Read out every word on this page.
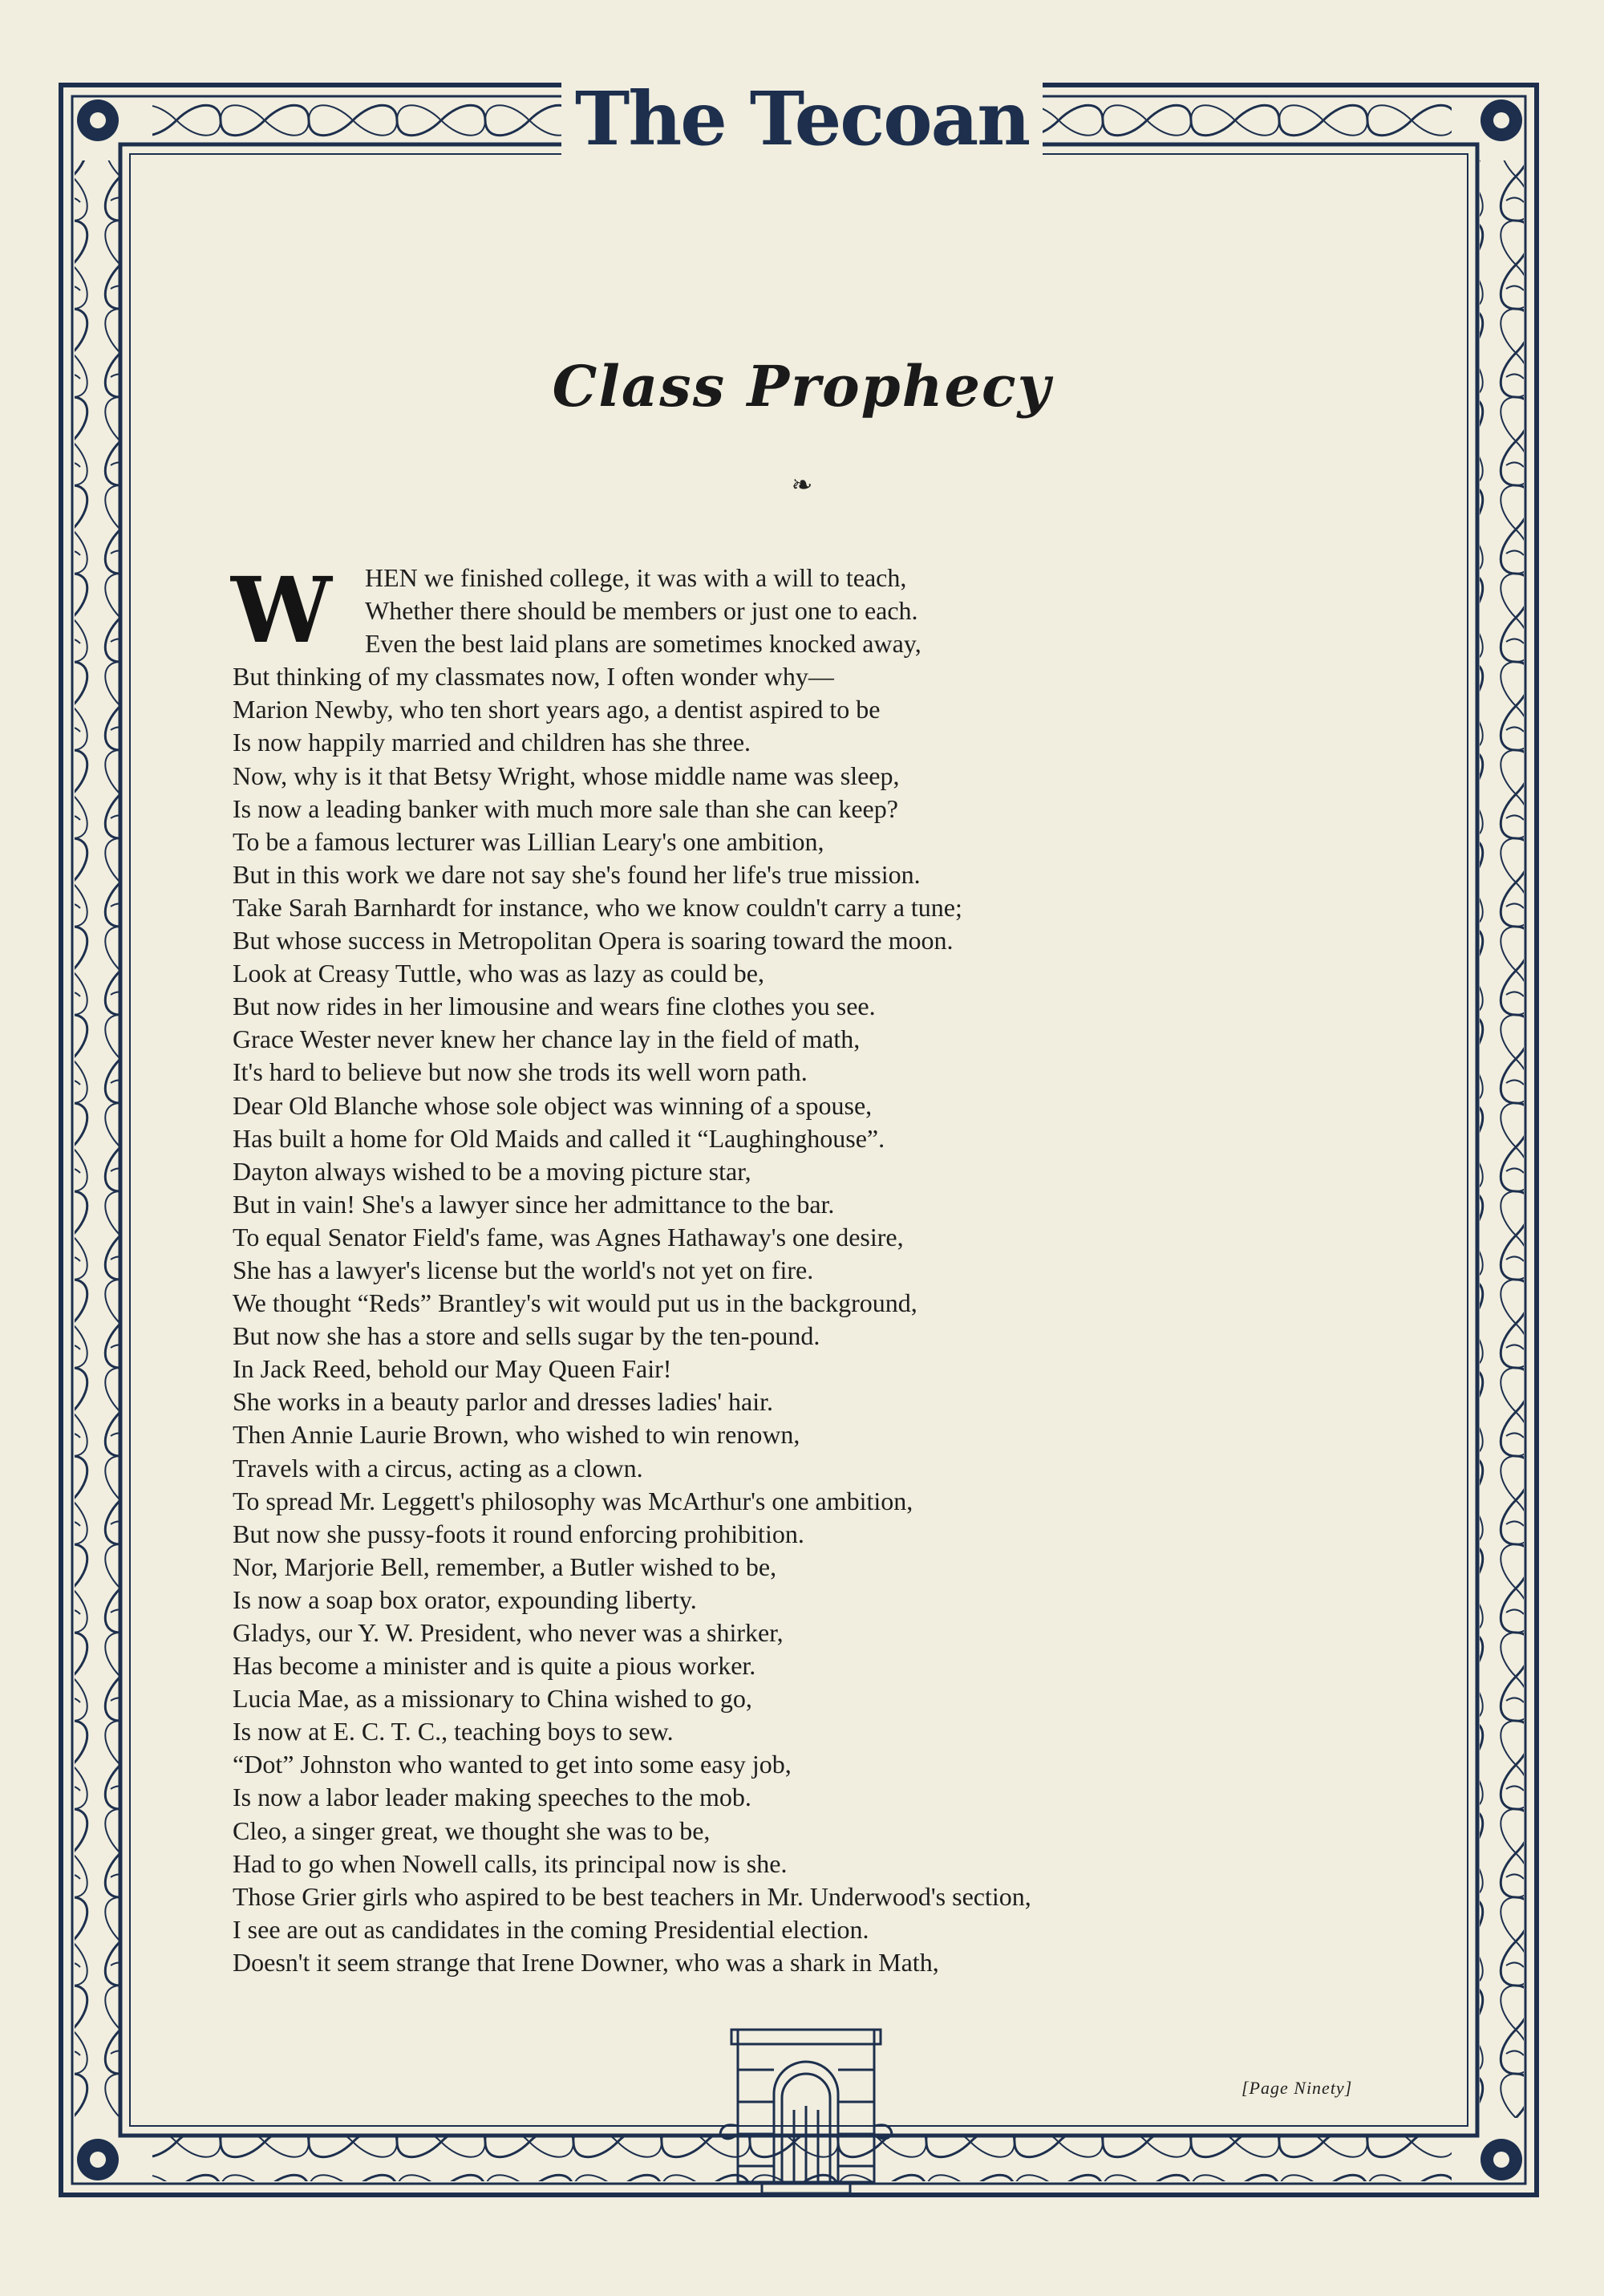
The Tecoan
Class Prophecy
❧
W HEN we finished college, it was with a will to teach,
Whether there should be members or just one to each.
Even the best laid plans are sometimes knocked away,
But thinking of my classmates now, I often wonder why—
Marion Newby, who ten short years ago, a dentist aspired to be
Is now happily married and children has she three.
Now, why is it that Betsy Wright, whose middle name was sleep,
Is now a leading banker with much more sale than she can keep?
To be a famous lecturer was Lillian Leary's one ambition,
But in this work we dare not say she's found her life's true mission.
Take Sarah Barnhardt for instance, who we know couldn't carry a tune;
But whose success in Metropolitan Opera is soaring toward the moon.
Look at Creasy Tuttle, who was as lazy as could be,
But now rides in her limousine and wears fine clothes you see.
Grace Wester never knew her chance lay in the field of math,
It's hard to believe but now she trods its well worn path.
Dear Old Blanche whose sole object was winning of a spouse,
Has built a home for Old Maids and called it “Laughinghouse”.
Dayton always wished to be a moving picture star,
But in vain! She's a lawyer since her admittance to the bar.
To equal Senator Field's fame, was Agnes Hathaway's one desire,
She has a lawyer's license but the world's not yet on fire.
We thought “Reds” Brantley's wit would put us in the background,
But now she has a store and sells sugar by the ten-pound.
In Jack Reed, behold our May Queen Fair!
She works in a beauty parlor and dresses ladies' hair.
Then Annie Laurie Brown, who wished to win renown,
Travels with a circus, acting as a clown.
To spread Mr. Leggett's philosophy was McArthur's one ambition,
But now she pussy-foots it round enforcing prohibition.
Nor, Marjorie Bell, remember, a Butler wished to be,
Is now a soap box orator, expounding liberty.
Gladys, our Y. W. President, who never was a shirker,
Has become a minister and is quite a pious worker.
Lucia Mae, as a missionary to China wished to go,
Is now at E. C. T. C., teaching boys to sew.
“Dot” Johnston who wanted to get into some easy job,
Is now a labor leader making speeches to the mob.
Cleo, a singer great, we thought she was to be,
Had to go when Nowell calls, its principal now is she.
Those Grier girls who aspired to be best teachers in Mr. Underwood's section,
I see are out as candidates in the coming Presidential election.
Doesn't it seem strange that Irene Downer, who was a shark in Math,
[Page Ninety]
